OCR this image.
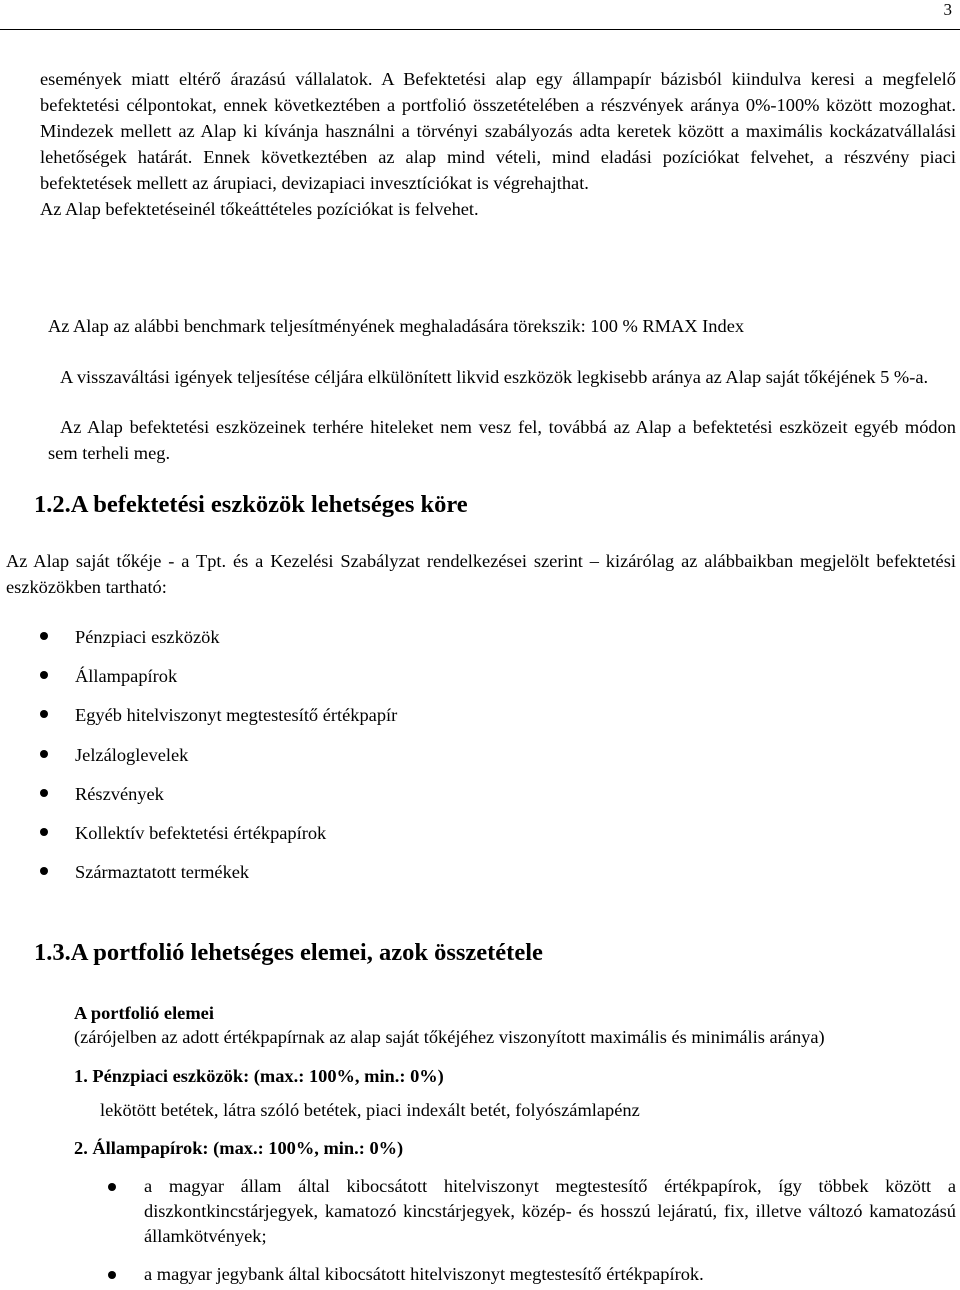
3
események miatt eltérő árazású vállalatok. A Befektetési alap egy állampapír bázisból kiindulva keresi a megfelelő befektetési célpontokat, ennek következtében a portfolió összetételében a részvények aránya 0%-100% között mozoghat. Mindezek mellett az Alap ki kívánja használni a törvényi szabályozás adta keretek között a maximális kockázatvállalási lehetőségek határát. Ennek következtében az alap mind vételi, mind eladási pozíciókat felvehet, a részvény piaci befektetések mellett az árupiaci, devizapiaci invesztíciókat is végrehajthat.
Az Alap befektetéseinél tőkeáttételes pozíciókat is felvehet.
Az Alap az alábbi benchmark teljesítményének meghaladására törekszik: 100 % RMAX Index
A visszaváltási igények teljesítése céljára elkülönített likvid eszközök legkisebb aránya az Alap saját tőkéjének 5 %-a.
Az Alap befektetési eszközeinek terhére hiteleket nem vesz fel, továbbá az Alap a befektetési eszközeit egyéb módon sem terheli meg.
1.2.A befektetési eszközök lehetséges köre
Az Alap saját tőkéje - a Tpt. és a Kezelési Szabályzat rendelkezései szerint – kizárólag az alábbaikban megjelölt befektetési eszközökben tartható:
Pénzpiaci eszközök
Állampapírok
Egyéb hitelviszonyt megtestesítő értékpapír
Jelzáloglevelek
Részvények
Kollektív befektetési értékpapírok
Származtatott termékek
1.3.A portfolió lehetséges elemei, azok összetétele
A portfolió elemei
(zárójelben az adott értékpapírnak az alap saját tőkéjéhez viszonyított maximális és minimális aránya)
1. Pénzpiaci eszközök: (max.: 100%, min.: 0%)
lekötött betétek, látra szóló betétek, piaci indexált betét, folyószámlapénz
2. Állampapírok: (max.: 100%, min.: 0%)
a magyar állam által kibocsátott hitelviszonyt megtestesítő értékpapírok, így többek között a diszkontkincstárjegyek, kamatozó kincstárjegyek, közép- és hosszú lejáratú, fix, illetve változó kamatozású államkötvények;
a magyar jegybank által kibocsátott hitelviszonyt megtestesítő értékpapírok.
